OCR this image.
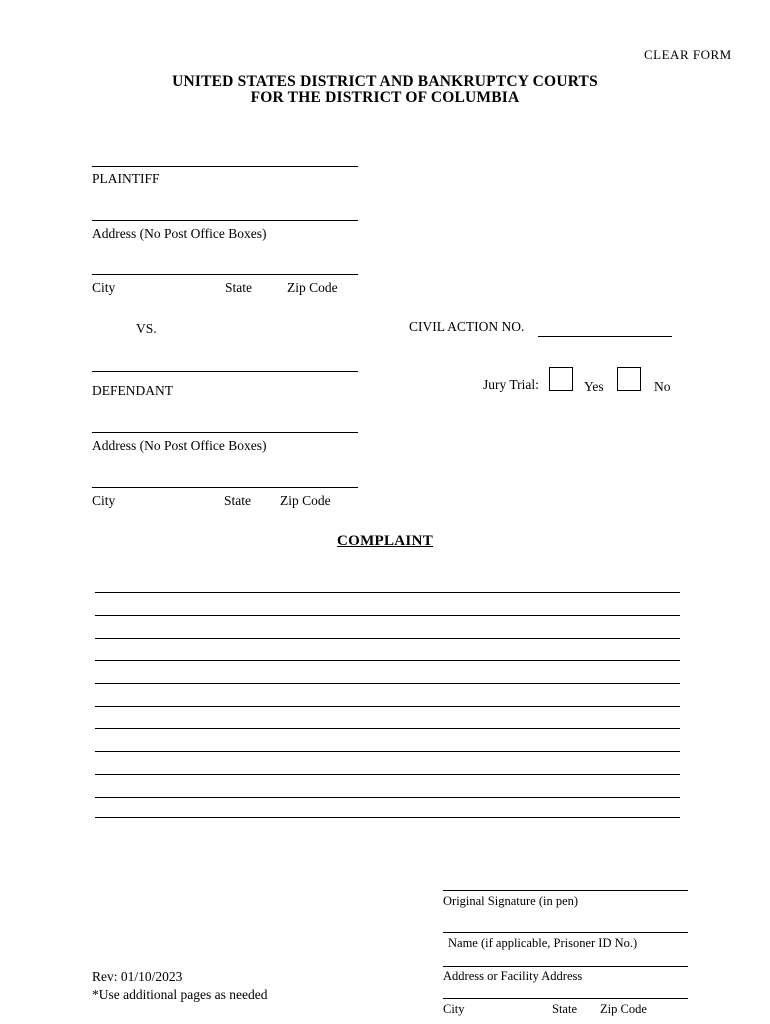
CLEAR FORM
UNITED STATES DISTRICT AND BANKRUPTCY COURTS
FOR THE DISTRICT OF COLUMBIA
PLAINTIFF
Address (No Post Office Boxes)
City	State	Zip Code
VS.	CIVIL ACTION NO.
DEFENDANT	Jury Trial:	Yes	No
Address (No Post Office Boxes)
City	State Zip Code
COMPLAINT
Original Signature (in pen)
Name (if applicable, Prisoner ID No.)
Address or Facility Address
City	State Zip Code
Rev: 01/10/2023
*Use additional pages as needed
